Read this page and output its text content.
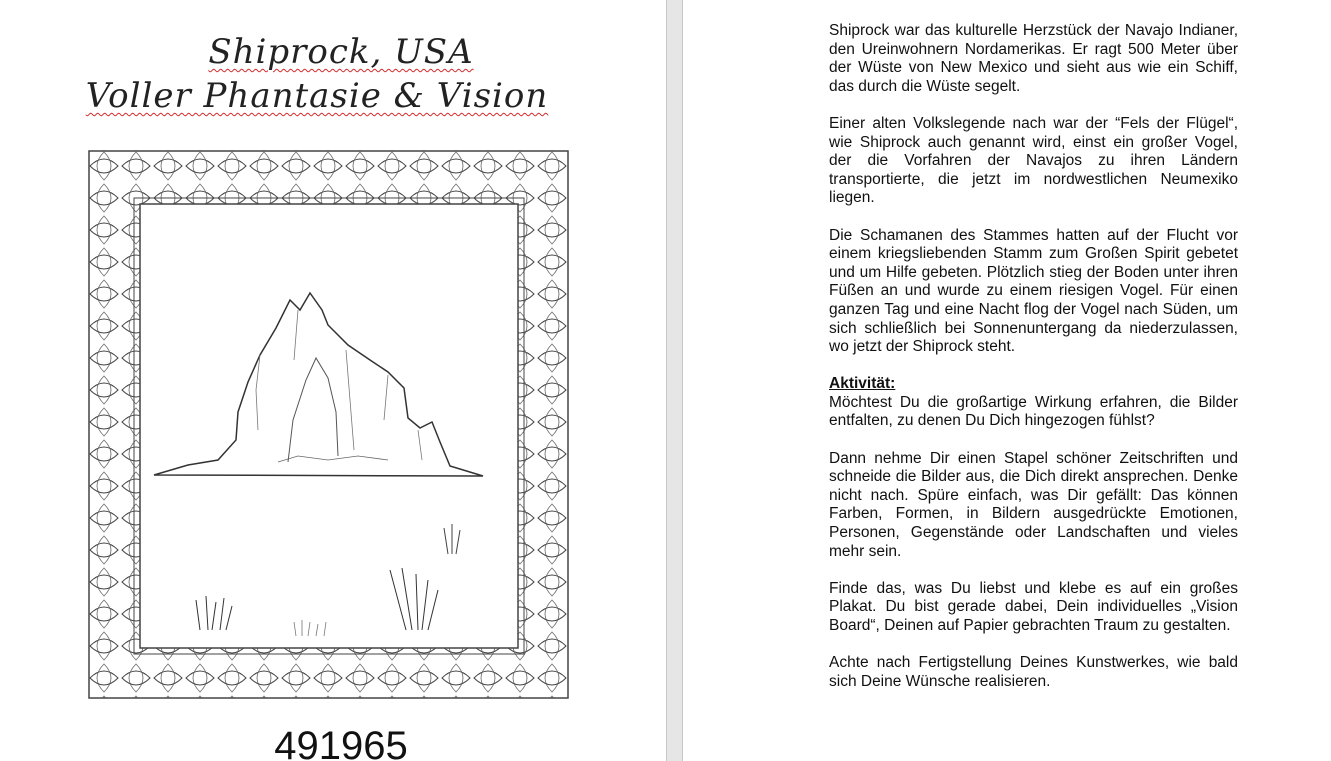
Shiprock, USA
Voller Phantasie & Vision
491965

Shiprock war das kulturelle Herzstück der Navajo Indianer, den Ureinwohnern Nordamerikas. Er ragt 500 Meter über der Wüste von New Mexico und sieht aus wie ein Schiff, das durch die Wüste segelt.

Einer alten Volkslegende nach war der “Fels der Flügel“, wie Shiprock auch genannt wird, einst ein großer Vogel, der die Vorfahren der Navajos zu ihren Ländern transportierte, die jetzt im nordwestlichen Neumexiko liegen.

Die Schamanen des Stammes hatten auf der Flucht vor einem kriegsliebenden Stamm zum Großen Spirit gebetet und um Hilfe gebeten. Plötzlich stieg der Boden unter ihren Füßen an und wurde zu einem riesigen Vogel. Für einen ganzen Tag und eine Nacht flog der Vogel nach Süden, um sich schließlich bei Sonnenuntergang da niederzulassen, wo jetzt der Shiprock steht.

Aktivität:
Möchtest Du die großartige Wirkung erfahren, die Bilder entfalten, zu denen Du Dich hingezogen fühlst?

Dann nehme Dir einen Stapel schöner Zeitschriften und schneide die Bilder aus, die Dich direkt ansprechen. Denke nicht nach. Spüre einfach, was Dir gefällt: Das können Farben, Formen, in Bildern ausgedrückte Emotionen, Personen, Gegenstände oder Landschaften und vieles mehr sein.

Finde das, was Du liebst und klebe es auf ein großes Plakat. Du bist gerade dabei, Dein individuelles „Vision Board“, Deinen auf Papier gebrachten Traum zu gestalten.

Achte nach Fertigstellung Deines Kunstwerkes, wie bald sich Deine Wünsche realisieren.
